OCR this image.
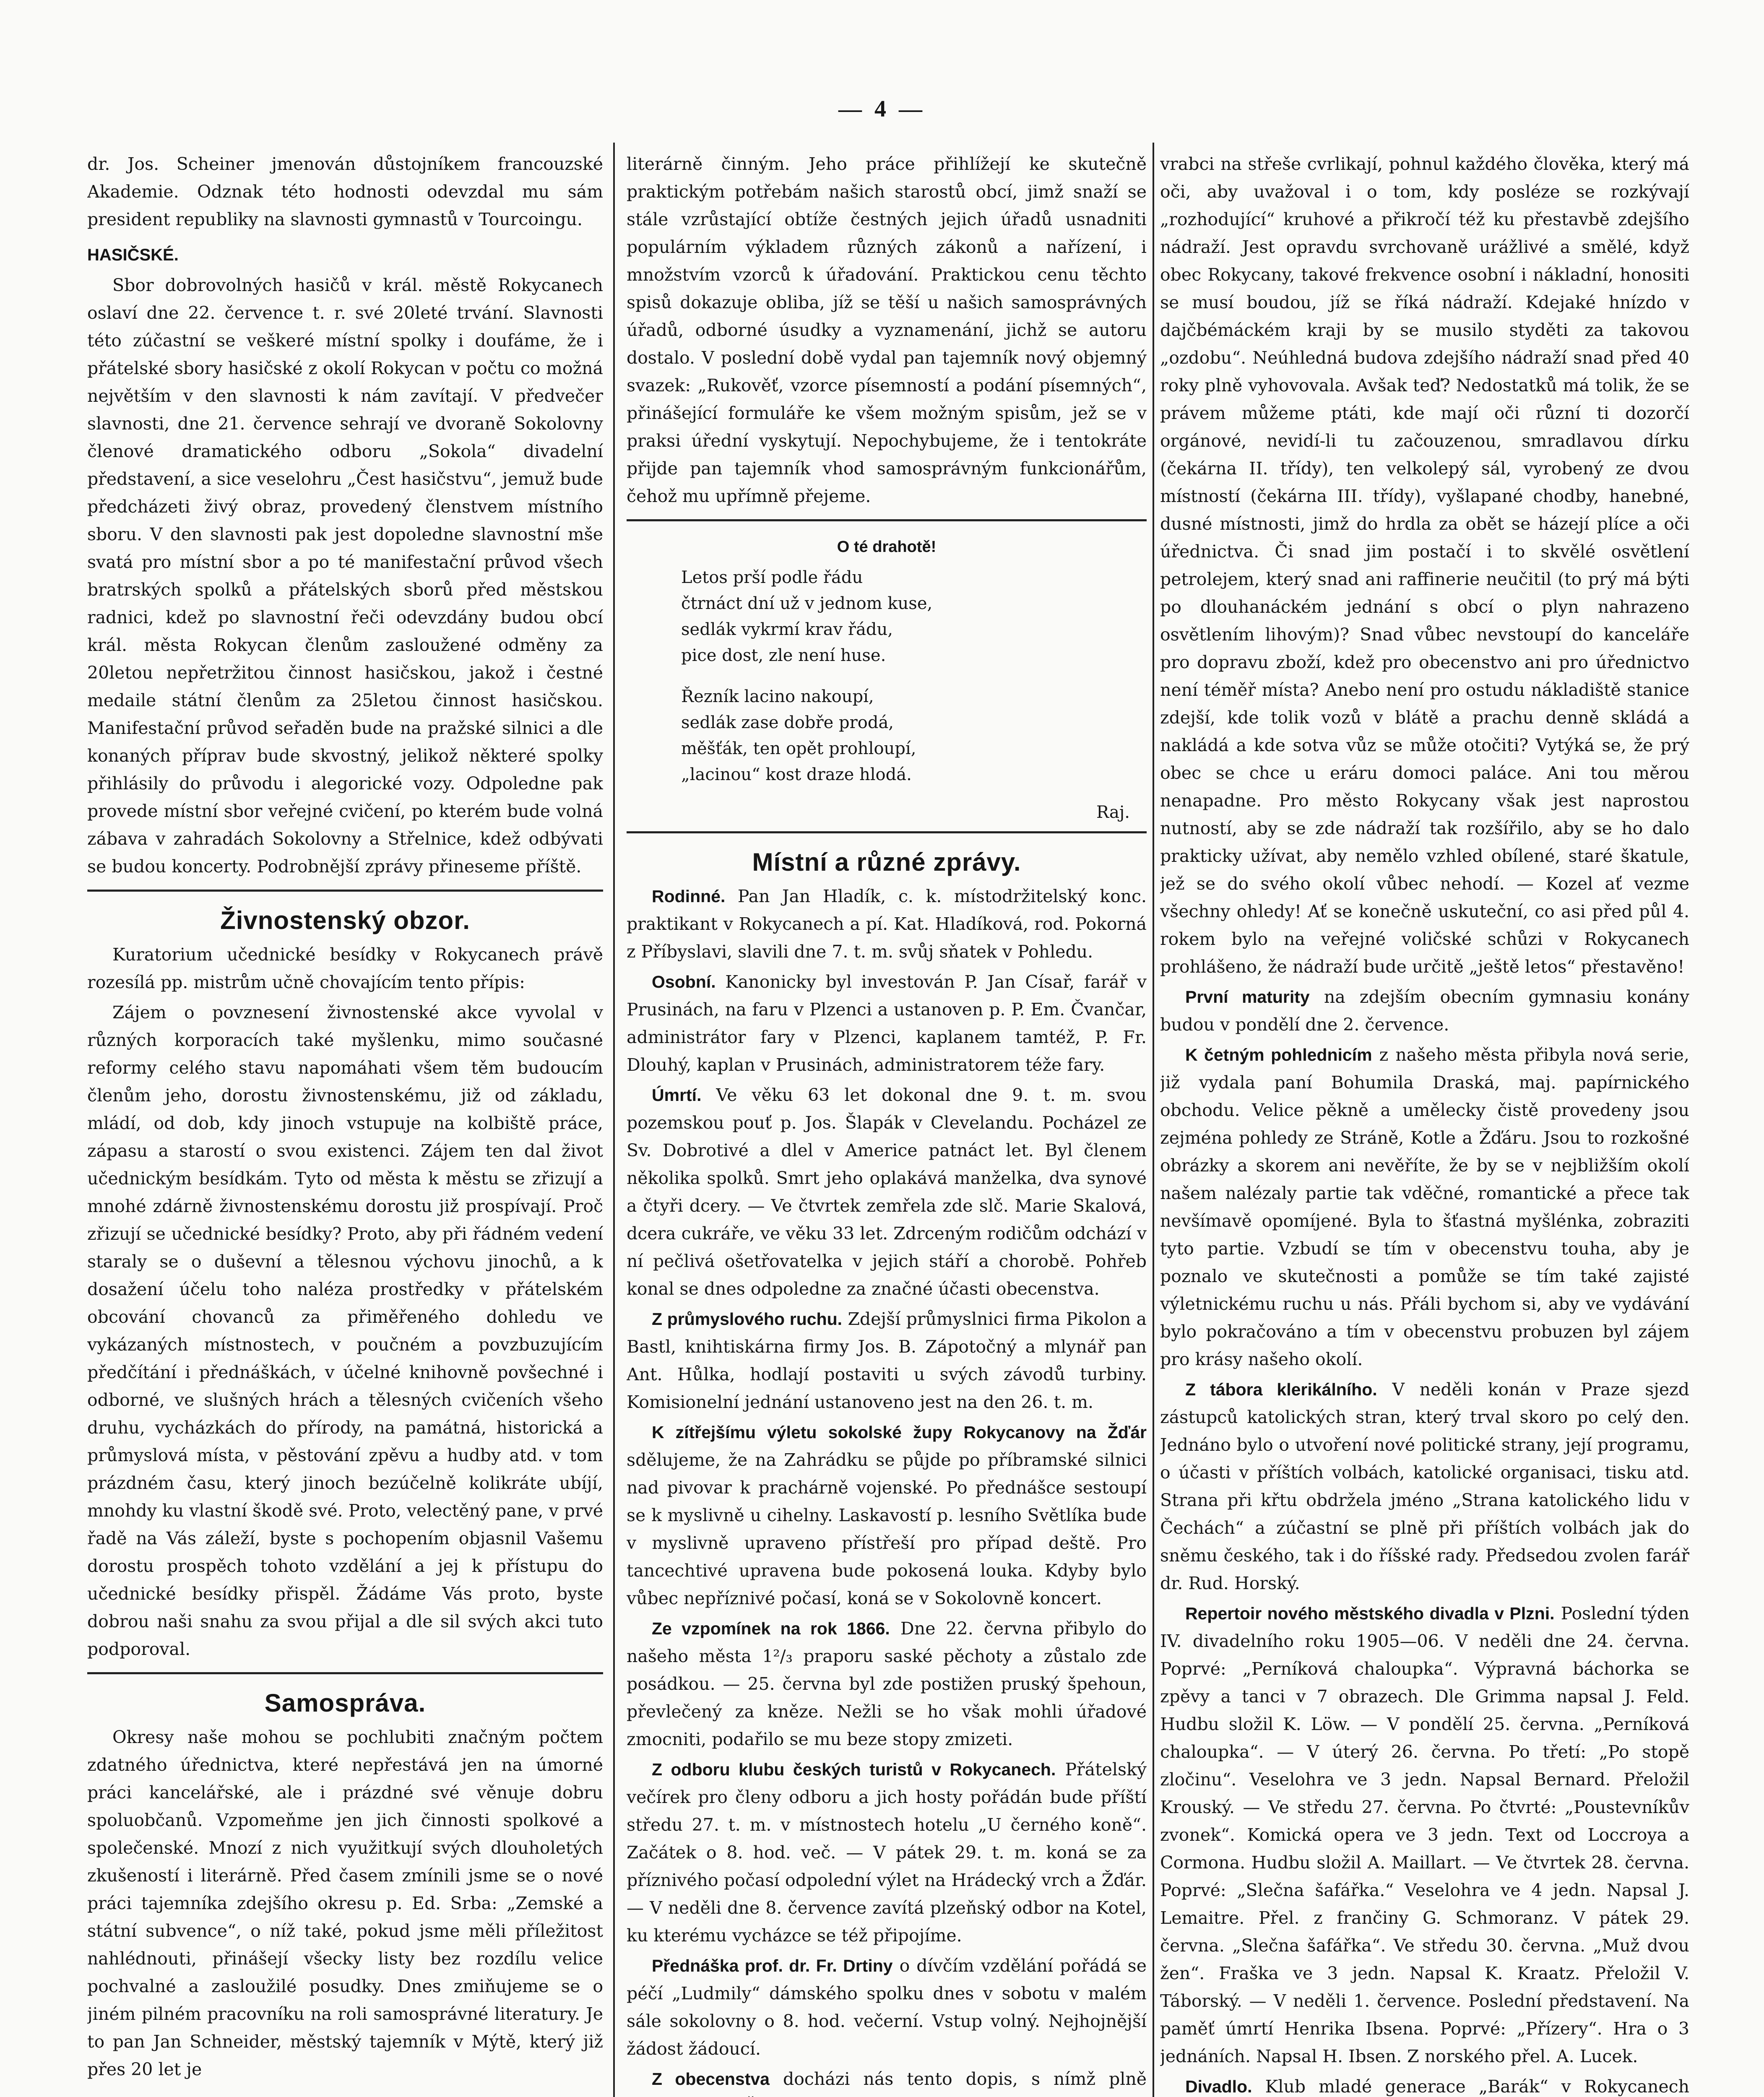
— 4 —

dr. Jos. Scheiner jmenován důstojníkem francouzské Akademie. Odznak této hodnosti odevzdal mu sám president republiky na slavnosti gymnastů v Tourcoingu.

HASIČSKÉ.

Sbor dobrovolných hasičů v král. městě Rokycanech oslaví dne 22. července t. r. své 20leté trvání. Slavnosti této zúčastní se veškeré místní spolky i doufáme, že i přátelské sbory hasičské z okolí Rokycan v počtu co možná největším v den slavnosti k nám zavítají. V předvečer slavnosti, dne 21. července sehrají ve dvoraně Sokolovny členové dramatického odboru „Sokola“ divadelní představení, a sice veselohru „Čest hasičstvu“, jemuž bude předcházeti živý obraz, provedený členstvem místního sboru. V den slavnosti pak jest dopoledne slavnostní mše svatá pro místní sbor a po té manifestační průvod všech bratrských spolků a přátelských sborů před městskou radnici, kdež po slavnostní řeči odevzdány budou obcí král. města Rokycan členům zasloužené odměny za 20letou nepřetržitou činnost hasičskou, jakož i čestné medaile státní členům za 25letou činnost hasičskou. Manifestační průvod seřaděn bude na pražské silnici a dle konaných příprav bude skvostný, jelikož některé spolky přihlásily do průvodu i alegorické vozy. Odpoledne pak provede místní sbor veřejné cvičení, po kterém bude volná zábava v zahradách Sokolovny a Střelnice, kdež odbývati se budou koncerty. Podrobnější zprávy přineseme příště.

Živnostenský obzor.

Kuratorium učednické besídky v Rokycanech právě rozesílá pp. mistrům učně chovajícím tento přípis:

Zájem o povznesení živnostenské akce vyvolal v různých korporacích také myšlenku, mimo současné reformy celého stavu napomáhati všem těm budoucím členům jeho, dorostu živnostenskému, již od základu, mládí, od dob, kdy jinoch vstupuje na kolbiště práce, zápasu a starostí o svou existenci. Zájem ten dal život učednickým besídkám. Tyto od města k městu se zřizují a mnohé zdárně živnostenskému dorostu již prospívají. Proč zřizují se učednické besídky? Proto, aby při řádném vedení staraly se o duševní a tělesnou výchovu jinochů, a k dosažení účelu toho naléza prostředky v přátelském obcování chovanců za přiměřeného dohledu ve vykázaných místnostech, v poučném a povzbuzujícím předčítání i přednáškách, v účelné knihovně povšechné i odborné, ve slušných hrách a tělesných cvičeních všeho druhu, vycházkách do přírody, na památná, historická a průmyslová místa, v pěstování zpěvu a hudby atd. v tom prázdném času, který jinoch bezúčelně kolikráte ubíjí, mnohdy ku vlastní škodě své. Proto, velectěný pane, v prvé řadě na Vás záleží, byste s pochopením objasnil Vašemu dorostu prospěch tohoto vzdělání a jej k přístupu do učednické besídky přispěl. Žádáme Vás proto, byste dobrou naši snahu za svou přijal a dle sil svých akci tuto podporoval.

Samospráva.

Okresy naše mohou se pochlubiti značným počtem zdatného úřednictva, které nepřestává jen na úmorné práci kancelářské, ale i prázdné své věnuje dobru spoluobčanů. Vzpomeňme jen jich činnosti spolkové a společenské. Mnozí z nich využitkují svých dlouholetých zkušeností i literárně. Před časem zmínili jsme se o nové práci tajemníka zdejšího okresu p. Ed. Srba: „Zemské a státní subvence“, o níž také, pokud jsme měli příležitost nahlédnouti, přinášejí všecky listy bez rozdílu velice pochvalné a zasloužilé posudky. Dnes zmiňujeme se o jiném pilném pracovníku na roli samosprávné literatury. Je to pan Jan Schneider, městský tajemník v Mýtě, který již přes 20 let je

literárně činným. Jeho práce přihlížejí ke skutečně praktickým potřebám našich starostů obcí, jimž snaží se stále vzrůstající obtíže čestných jejich úřadů usnadniti populárním výkladem různých zákonů a nařízení, i množstvím vzorců k úřadování. Praktickou cenu těchto spisů dokazuje obliba, jíž se těší u našich samosprávných úřadů, odborné úsudky a vyznamenání, jichž se autoru dostalo. V poslední době vydal pan tajemník nový objemný svazek: „Rukověť, vzorce písemností a podání písemných“, přinášející formuláře ke všem možným spisům, jež se v praksi úřední vyskytují. Nepochybujeme, že i tentokráte přijde pan tajemník vhod samosprávným funkcionářům, čehož mu upřímně přejeme.

O té drahotě!
Letos prší podle řádu
čtrnáct dní už v jednom kuse,
sedlák vykrmí krav řádu,
pice dost, zle není huse.
Řezník lacino nakoupí,
sedlák zase dobře prodá,
měšťák, ten opět prohloupí,
„lacinou“ kost draze hlodá.
Raj.
Místní a různé zprávy.

Rodinné. Pan Jan Hladík, c. k. místodržitelský konc. praktikant v Rokycanech a pí. Kat. Hladíková, rod. Pokorná z Příbyslavi, slavili dne 7. t. m. svůj sňatek v Pohledu.

Osobní. Kanonicky byl investován P. Jan Císař, farář v Prusinách, na faru v Plzenci a ustanoven p. P. Em. Čvančar, administrátor fary v Plzenci, kaplanem tamtéž, P. Fr. Dlouhý, kaplan v Prusinách, administratorem téže fary.

Úmrtí. Ve věku 63 let dokonal dne 9. t. m. svou pozemskou pouť p. Jos. Šlapák v Clevelandu. Pocházel ze Sv. Dobrotivé a dlel v Americe patnáct let. Byl členem několika spolků. Smrt jeho oplakává manželka, dva synové a čtyři dcery. — Ve čtvrtek zemřela zde slč. Marie Skalová, dcera cukráře, ve věku 33 let. Zdrceným rodičům odchází v ní pečlivá ošetřovatelka v jejich stáří a chorobě. Pohřeb konal se dnes odpoledne za značné účasti obecenstva.

Z průmyslového ruchu. Zdejší průmyslnici firma Pikolon a Bastl, knihtiskárna firmy Jos. B. Zápotočný a mlynář pan Ant. Hůlka, hodlají postaviti u svých závodů turbiny. Komisionelní jednání ustanoveno jest na den 26. t. m.

K zítřejšímu výletu sokolské župy Rokycanovy na Žďár sdělujeme, že na Zahrádku se půjde po příbramské silnici nad pivovar k prachárně vojenské. Po přednášce sestoupí se k myslivně u cihelny. Laskavostí p. lesního Světlíka bude v myslivně upraveno přístřeší pro případ deště. Pro tancechtivé upravena bude pokosená louka. Kdyby bylo vůbec nepříznivé počasí, koná se v Sokolovně koncert.

Ze vzpomínek na rok 1866. Dne 22. června přibylo do našeho města 1²/₃ praporu saské pěchoty a zůstalo zde posádkou. — 25. června byl zde postižen pruský špehoun, převlečený za kněze. Nežli se ho však mohli úřadové zmocniti, podařilo se mu beze stopy zmizeti.

Z odboru klubu českých turistů v Rokycanech. Přátelský večírek pro členy odboru a jich hosty pořádán bude příští středu 27. t. m. v místnostech hotelu „U černého koně“. Začátek o 8. hod. več. — V pátek 29. t. m. koná se za příznivého počasí odpolední výlet na Hrádecký vrch a Žďár. — V neděli dne 8. července zavítá plzeňský odbor na Kotel, ku kterému vycházce se též připojíme.

Přednáška prof. dr. Fr. Drtiny o dívčím vzdělání pořádá se péčí „Ludmily“ dámského spolku dnes v sobotu v malém sále sokolovny o 8. hod. večerní. Vstup volný. Nejhojnější žádost žádoucí.

Z obecenstva docházi nás tento dopis, s nímž plně

vrabci na střeše cvrlikají, pohnul každého člověka, který má oči, aby uvažoval i o tom, kdy posléze se rozkývají „rozhodující“ kruhové a přikročí též ku přestavbě zdejšího nádraží. Jest opravdu svrchovaně urážlivé a smělé, když obec Rokycany, takové frekvence osobní i nákladní, honositi se musí boudou, jíž se říká nádraží. Kdejaké hnízdo v dajčbémáckém kraji by se musilo styděti za takovou „ozdobu“. Neúhledná budova zdejšího nádraží snad před 40 roky plně vyhovovala. Avšak teď? Nedostatků má tolik, že se právem můžeme ptáti, kde mají oči různí ti dozorčí orgánové, nevidí-li tu začouzenou, smradlavou dírku (čekárna II. třídy), ten velkolepý sál, vyrobený ze dvou místností (čekárna III. třídy), vyšlapané chodby, hanebné, dusné místnosti, jimž do hrdla za obět se házejí plíce a oči úřednictva. Či snad jim postačí i to skvělé osvětlení petrolejem, který snad ani raffinerie neučitil (to prý má býti po dlouhanáckém jednání s obcí o plyn nahrazeno osvětlením lihovým)? Snad vůbec nevstoupí do kanceláře pro dopravu zboží, kdež pro obecenstvo ani pro úřednictvo není téměř místa? Anebo není pro ostudu nákladiště stanice zdejší, kde tolik vozů v blátě a prachu denně skládá a nakládá a kde sotva vůz se může otočiti? Vytýká se, že prý obec se chce u eráru domoci paláce. Ani tou měrou nenapadne. Pro město Rokycany však jest naprostou nutností, aby se zde nádraží tak rozšířilo, aby se ho dalo prakticky užívat, aby nemělo vzhled obílené, staré škatule, jež se do svého okolí vůbec nehodí. — Kozel ať vezme všechny ohledy! Ať se konečně uskuteční, co asi před půl 4. rokem bylo na veřejné voličské schůzi v Rokycanech prohlášeno, že nádraží bude určitě „ještě letos“ přestavěno!

První maturity na zdejším obecním gymnasiu konány budou v pondělí dne 2. července.

K četným pohlednicím z našeho města přibyla nová serie, již vydala paní Bohumila Draská, maj. papírnického obchodu. Velice pěkně a umělecky čistě provedeny jsou zejména pohledy ze Stráně, Kotle a Žďáru. Jsou to rozkošné obrázky a skorem ani nevěříte, že by se v nejbližším okolí našem nalézaly partie tak vděčné, romantické a přece tak nevšímavě opomíjené. Byla to šťastná myšlénka, zobraziti tyto partie. Vzbudí se tím v obecenstvu touha, aby je poznalo ve skutečnosti a pomůže se tím také zajisté výletnickému ruchu u nás. Přáli bychom si, aby ve vydávání bylo pokračováno a tím v obecenstvu probuzen byl zájem pro krásy našeho okolí.

Z tábora klerikálního. V neděli konán v Praze sjezd zástupců katolických stran, který trval skoro po celý den. Jednáno bylo o utvoření nové politické strany, její programu, o účasti v příštích volbách, katolické organisaci, tisku atd. Strana při křtu obdržela jméno „Strana katolického lidu v Čechách“ a zúčastní se plně při příštích volbách jak do sněmu českého, tak i do říšské rady. Předsedou zvolen farář dr. Rud. Horský.

Repertoir nového městského divadla v Plzni. Poslední týden IV. divadelního roku 1905—06. V neděli dne 24. června. Poprvé: „Perníková chaloupka“. Výpravná báchorka se zpěvy a tanci v 7 obrazech. Dle Grimma napsal J. Feld. Hudbu složil K. Löw. — V pondělí 25. června. „Perníková chaloupka“. — V úterý 26. června. Po třetí: „Po stopě zločinu“. Veselohra ve 3 jedn. Napsal Bernard. Přeložil Krouský. — Ve středu 27. června. Po čtvrté: „Poustevníkův zvonek“. Komická opera ve 3 jedn. Text od Loccroya a Cormona. Hudbu složil A. Maillart. — Ve čtvrtek 28. června. Poprvé: „Slečna šafářka.“ Veselohra ve 4 jedn. Napsal J. Lemaitre. Přel. z frančiny G. Schmoranz. V pátek 29. června. „Slečna šafářka“. Ve středu 30. června. „Muž dvou žen“. Fraška ve 3 jedn. Napsal K. Kraatz. Přeložil V. Táborský. — V neděli 1. července. Poslední představení. Na paměť úmrtí Henrika Ibsena. Poprvé: „Přízery“. Hra o 3 jednáních. Napsal H. Ibsen. Z norského přel. A. Lucek.

Divadlo. Klub mladé generace „Barák“ v Rokycanech
